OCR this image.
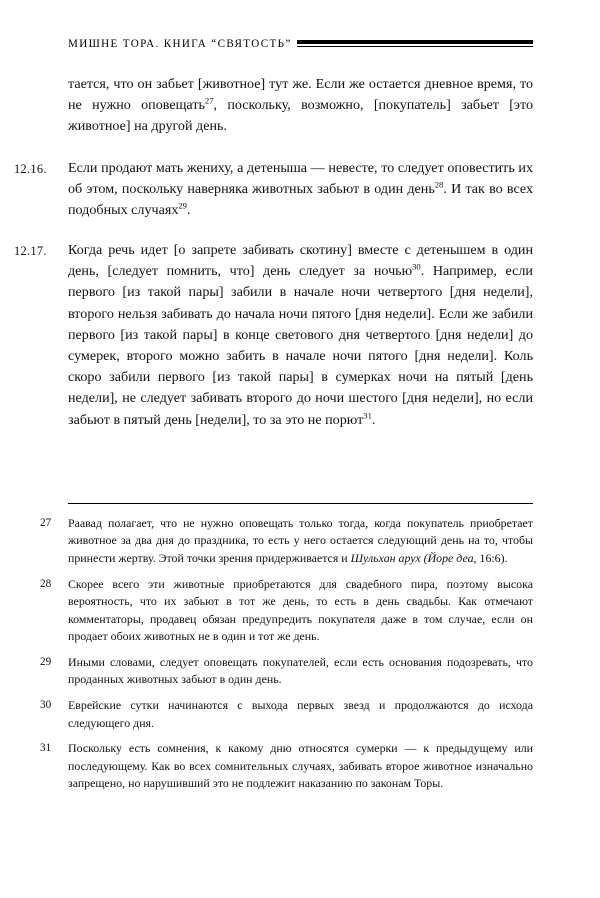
МИШНЕ ТОРА. КНИГА “СВЯТОСТЬ”

тается, что он забьет [животное] тут же. Если же остается дневное время, то не нужно оповещать$^{27}$, поскольку, возможно, [покупатель] забьет [это животное] на другой день.

12.16.	Если продают мать жениху, а детеныша — невесте, то следует оповестить их об этом, поскольку наверняка животных забьют в один день$^{28}$. И так во всех подобных случаях$^{29}$.
12.17.	Когда речь идет [о запрете забивать скотину] вместе с детенышем в один день, [следует помнить, что] день следует за ночью$^{30}$. Например, если первого [из такой пары] забили в начале ночи четвертого [дня недели], второго нельзя забивать до начала ночи пятого [дня недели]. Если же забили первого [из такой пары] в конце светового дня четвертого [дня недели] до сумерек, второго можно забить в начале ночи пятого [дня недели]. Коль скоро забили первого [из такой пары] в сумерках ночи на пятый [день недели], не следует забивать второго до ночи шестого [дня недели], но если забьют в пятый день [недели], то за это не порют$^{31}$.
27	Раавад полагает, что не нужно оповещать только тогда, когда покупатель приобретает животное за два дня до праздника, то есть у него остается следующий день на то, чтобы принести жертву. Этой точки зрения придерживается и Шульхан арух (Йоре деа, 16:6).
28	Скорее всего эти животные приобретаются для свадебного пира, поэтому высока вероятность, что их забьют в тот же день, то есть в день свадьбы. Как отмечают комментаторы, продавец обязан предупредить покупателя даже в том случае, если он продает обоих животных не в один и тот же день.
29	Иными словами, следует оповещать покупателей, если есть основания подозревать, что проданных животных забьют в один день.
30	Еврейские сутки начинаются с выхода первых звезд и продолжаются до исхода следующего дня.
31	Поскольку есть сомнения, к какому дню относятся сумерки — к предыдущему или последующему. Как во всех сомнительных случаях, забивать второе животное изначально запрещено, но нарушивший это не подлежит наказанию по законам Торы.
